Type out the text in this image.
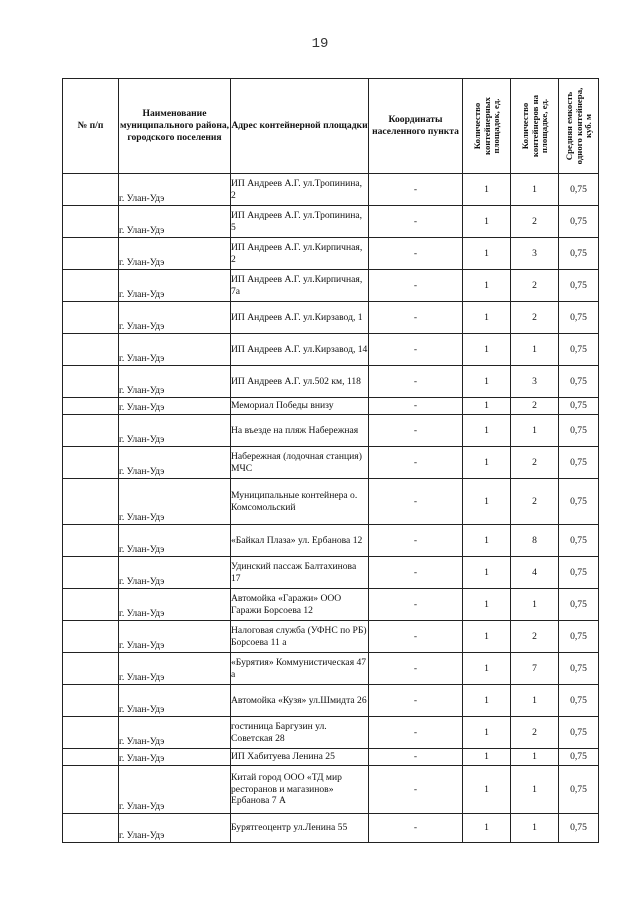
19
№ п/п	Наименование муниципального района, городского поселения	Адрес контейнерной площадки	Координаты населенного пункта	Количество контейнерных площадок, ед.	Количество контейнеров на площадке, ед.	Средняя емкость одного контейнера, куб. м

	г. Улан-Удэ	ИП Андреев А.Г. ул.Тропинина, 2	-	1	1	0,75
	г. Улан-Удэ	ИП Андреев А.Г. ул.Тропинина, 5	-	1	2	0,75
	г. Улан-Удэ	ИП Андреев А.Г. ул.Кирпичная, 2	-	1	3	0,75
	г. Улан-Удэ	ИП Андреев А.Г. ул.Кирпичная, 7а	-	1	2	0,75
	г. Улан-Удэ	ИП Андреев А.Г. ул.Кирзавод, 1	-	1	2	0,75
	г. Улан-Удэ	ИП Андреев А.Г. ул.Кирзавод, 14	-	1	1	0,75
	г. Улан-Удэ	ИП Андреев А.Г. ул.502 км, 118	-	1	3	0,75
	г. Улан-Удэ	Мемориал Победы внизу	-	1	2	0,75
	г. Улан-Удэ	На въезде на пляж Набережная	-	1	1	0,75
	г. Улан-Удэ	Набережная (лодочная станция) МЧС	-	1	2	0,75
	г. Улан-Удэ	Муниципальные контейнера о. Комсомольский	-	1	2	0,75
	г. Улан-Удэ	«Байкал Плаза» ул. Ербанова 12	-	1	8	0,75
	г. Улан-Удэ	Удинский пассаж Балтахинова 17	-	1	4	0,75
	г. Улан-Удэ	Автомойка «Гаражи» ООО Гаражи Борсоева 12	-	1	1	0,75
	г. Улан-Удэ	Налоговая служба (УФНС по РБ) Борсоева 11 а	-	1	2	0,75
	г. Улан-Удэ	«Бурятия» Коммунистическая 47 а	-	1	7	0,75
	г. Улан-Удэ	Автомойка «Кузя» ул.Шмидта 26	-	1	1	0,75
	г. Улан-Удэ	гостиница Баргузин ул. Советская 28	-	1	2	0,75
	г. Улан-Удэ	ИП Хабитуева Ленина 25	-	1	1	0,75
	г. Улан-Удэ	Китай город ООО «ТД мир ресторанов и магазинов» Ербанова 7 А	-	1	1	0,75
	г. Улан-Удэ	Бурятгеоцентр ул.Ленина 55	-	1	1	0,75
